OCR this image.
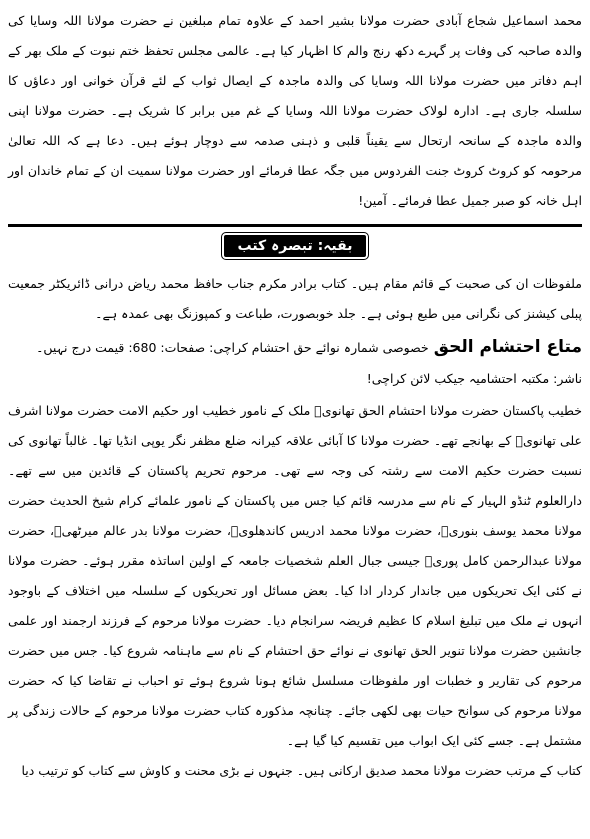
محمد اسماعیل شجاع آبادی حضرت مولانا بشیر احمد کے علاوہ تمام مبلغین نے حضرت مولانا اللہ وسایا کی والدہ صاحبہ کی وفات پر گہرے دکھ رنج والم کا اظہار کیا ہے۔ عالمی مجلس تحفظ ختم نبوت کے ملک بھر کے اہم دفاتر میں حضرت مولانا اللہ وسایا کی والدہ ماجدہ کے ایصال ثواب کے لئے قرآن خوانی اور دعاؤں کا سلسلہ جاری ہے۔ ادارہ لولاک حضرت مولانا اللہ وسایا کے غم میں برابر کا شریک ہے۔ حضرت مولانا اپنی والدہ ماجدہ کے سانحہ ارتحال سے یقیناً قلبی و ذہنی صدمہ سے دوچار ہوئے ہیں۔ دعا ہے کہ اللہ تعالیٰ مرحومہ کو کروٹ کروٹ جنت الفردوس میں جگہ عطا فرمائے اور حضرت مولانا سمیت ان کے تمام خاندان اور اہل خانہ کو صبر جمیل عطا فرمائے۔ آمین!

بقیہ: تبصرہ کتب

ملفوظات ان کی صحبت کے قائم مقام ہیں۔ کتاب برادر مکرم جناب حافظ محمد ریاض درانی ڈائریکٹر جمعیت پبلی کیشنز کی نگرانی میں طبع ہوئی ہے۔ جلد خوبصورت، طباعت و کمپوزنگ بھی عمدہ ہے۔

متاع احتشام الحق خصوصی شمارہ نوائے حق احتشام کراچی: صفحات: 680: قیمت درج نہیں۔

ناشر: مکتبہ احتشامیہ جیکب لائن کراچی!

خطیب پاکستان حضرت مولانا احتشام الحق تھانویؒ ملک کے نامور خطیب اور حکیم الامت حضرت مولانا اشرف علی تھانویؒ کے بھانجے تھے۔ حضرت مولانا کا آبائی علاقہ کیرانہ ضلع مظفر نگر یوپی انڈیا تھا۔ غالباً تھانوی کی نسبت حضرت حکیم الامت سے رشتہ کی وجہ سے تھی۔ مرحوم تحریم پاکستان کے قائدین میں سے تھے۔ دارالعلوم ٹنڈو الہیار کے نام سے مدرسہ قائم کیا جس میں پاکستان کے نامور علمائے کرام شیخ الحدیث حضرت مولانا محمد یوسف بنوریؒ، حضرت مولانا محمد ادریس کاندھلویؒ، حضرت مولانا بدر عالم میرٹھیؒ، حضرت مولانا عبدالرحمن کامل پوریؒ جیسی جبال العلم شخصیات جامعہ کے اولین اساتذہ مقرر ہوئے۔ حضرت مولانا نے کئی ایک تحریکوں میں جاندار کردار ادا کیا۔ بعض مسائل اور تحریکوں کے سلسلہ میں اختلاف کے باوجود انہوں نے ملک میں تبلیغ اسلام کا عظیم فریضہ سرانجام دیا۔ حضرت مولانا مرحوم کے فرزند ارجمند اور علمی جانشین حضرت مولانا تنویر الحق تھانوی نے نوائے حق احتشام کے نام سے ماہنامہ شروع کیا۔ جس میں حضرت مرحوم کی تقاریر و خطبات اور ملفوظات مسلسل شائع ہونا شروع ہوئے تو احباب نے تقاضا کیا کہ حضرت مولانا مرحوم کی سوانح حیات بھی لکھی جائے۔ چنانچہ مذکورہ کتاب حضرت مولانا مرحوم کے حالات زندگی پر مشتمل ہے۔ جسے کئی ایک ابواب میں تقسیم کیا گیا ہے۔

کتاب کے مرتب حضرت مولانا محمد صدیق ارکانی ہیں۔ جنہوں نے بڑی محنت و کاوش سے کتاب کو ترتیب دیا
